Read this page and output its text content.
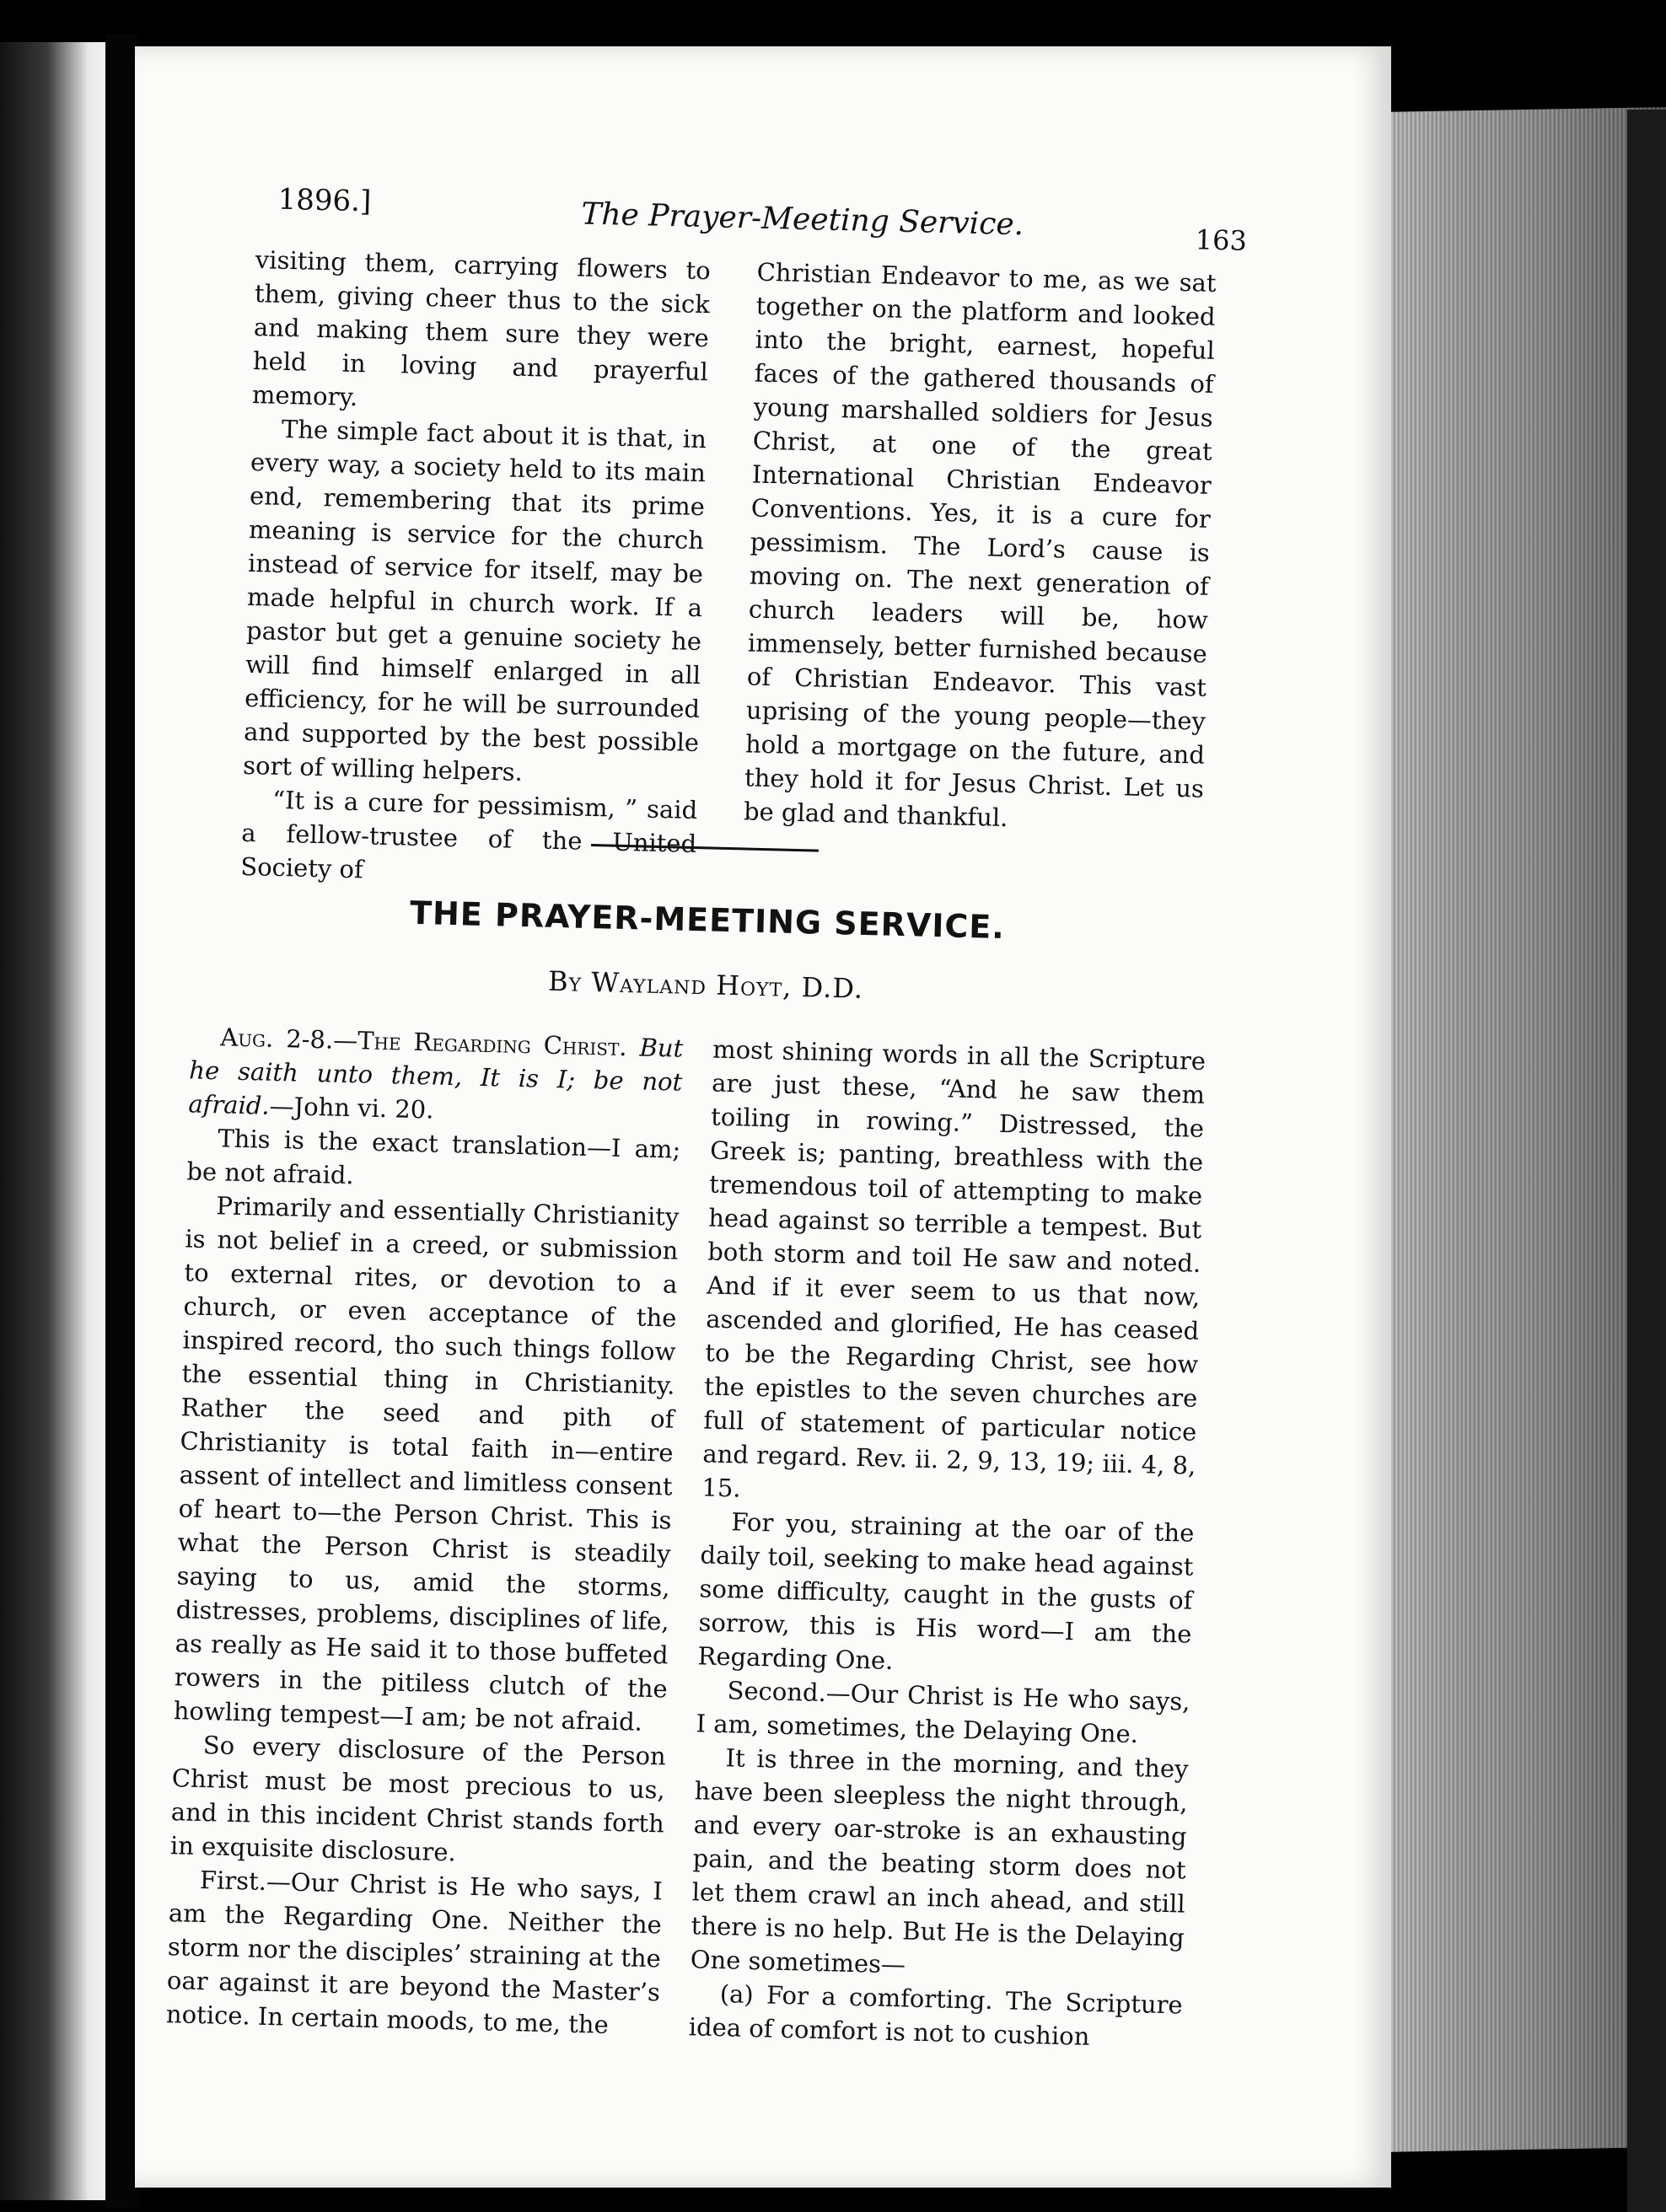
1896.]	The Prayer-Meeting Service.	163

visiting them, carrying flowers to them, giving cheer thus to the sick and making them sure they were held in loving and prayerful memory.

The simple fact about it is that, in every way, a society held to its main end, remembering that its prime meaning is service for the church instead of service for itself, may be made helpful in church work. If a pastor but get a genuine society he will find himself enlarged in all efficiency, for he will be surrounded and supported by the best possible sort of willing helpers.

“It is a cure for pessimism, ” said a fellow-trustee of the United Society of

Christian Endeavor to me, as we sat together on the platform and looked into the bright, earnest, hopeful faces of the gathered thousands of young marshalled soldiers for Jesus Christ, at one of the great International Christian Endeavor Conventions. Yes, it is a cure for pessimism. The Lord’s cause is moving on. The next generation of church leaders will be, how immensely, better furnished because of Christian Endeavor. This vast uprising of the young people—they hold a mortgage on the future, and they hold it for Jesus Christ. Let us be glad and thankful.

THE PRAYER-MEETING SERVICE.
By Wayland Hoyt, D.D.

Aug. 2-8.—The Regarding Christ. But he saith unto them, It is I; be not afraid.—John vi. 20.

This is the exact translation—I am; be not afraid.

Primarily and essentially Christianity is not belief in a creed, or submission to external rites, or devotion to a church, or even acceptance of the inspired record, tho such things follow the essential thing in Christianity. Rather the seed and pith of Christianity is total faith in—entire assent of intellect and limitless consent of heart to—the Person Christ. This is what the Person Christ is steadily saying to us, amid the storms, distresses, problems, disciplines of life, as really as He said it to those buffeted rowers in the pitiless clutch of the howling tempest—I am; be not afraid.

So every disclosure of the Person Christ must be most precious to us, and in this incident Christ stands forth in exquisite disclosure.

First.—Our Christ is He who says, I am the Regarding One. Neither the storm nor the disciples’ straining at the oar against it are beyond the Master’s notice. In certain moods, to me, the

most shining words in all the Scripture are just these, “And he saw them toiling in rowing.” Distressed, the Greek is; panting, breathless with the tremendous toil of attempting to make head against so terrible a tempest. But both storm and toil He saw and noted. And if it ever seem to us that now, ascended and glorified, He has ceased to be the Regarding Christ, see how the epistles to the seven churches are full of statement of particular notice and regard. Rev. ii. 2, 9, 13, 19; iii. 4, 8, 15.

For you, straining at the oar of the daily toil, seeking to make head against some difficulty, caught in the gusts of sorrow, this is His word—I am the Regarding One.

Second.—Our Christ is He who says, I am, sometimes, the Delaying One.

It is three in the morning, and they have been sleepless the night through, and every oar-stroke is an exhausting pain, and the beating storm does not let them crawl an inch ahead, and still there is no help. But He is the Delaying One sometimes—

(a) For a comforting. The Scripture idea of comfort is not to cushion
